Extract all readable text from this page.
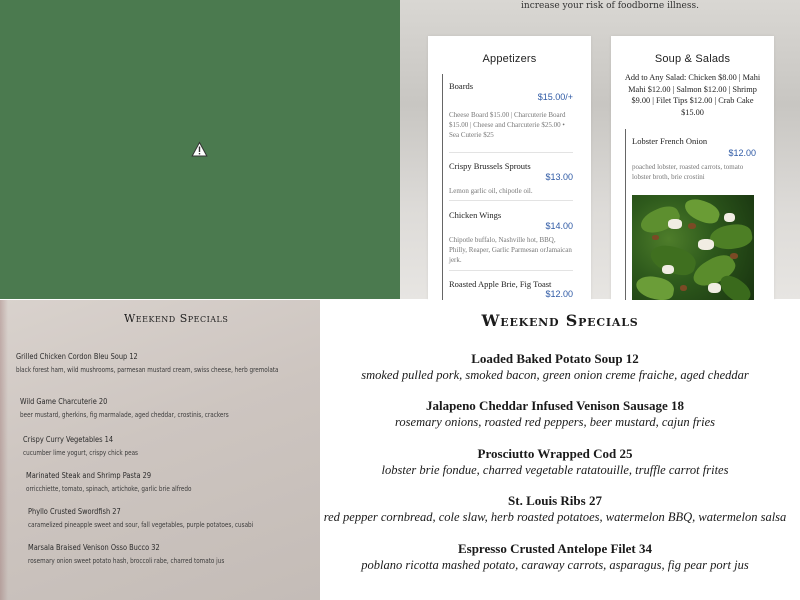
increase your risk of foodborne illness.
Appetizers
Boards
$15.00/+
Cheese Board $15.00 | Charcuterie Board $15.00 | Cheese and Charcuterie $25.00 • Sea Cuterie $25
Crispy Brussels Sprouts
$13.00
Lemon garlic oil, chipotle oil.
Chicken Wings
$14.00
Chipotle buffalo, Nashville hot, BBQ, Philly, Reaper, Garlic Parmesan orJamaican jerk.
Roasted Apple Brie, Fig Toast
$12.00
Soup & Salads
Add to Any Salad: Chicken $8.00 | Mahi Mahi $12.00 | Salmon $12.00 | Shrimp $9.00 | Filet Tips $12.00 | Crab Cake $15.00
Lobster French Onion
$12.00
poached lobster, roasted carrots, tomato lobster broth, brie crostini
Weekend Specials
Grilled Chicken Cordon Bleu Soup 12
black forest ham, wild mushrooms, parmesan mustard cream, swiss cheese, herb gremolata
Wild Game Charcuterie 20
beer mustard, gherkins, fig marmalade, aged cheddar, crostinis, crackers
Crispy Curry Vegetables 14
cucumber lime yogurt, crispy chick peas
Marinated Steak and Shrimp Pasta 29
orricchiette, tomato, spinach, artichoke, garlic brie alfredo
Phyllo Crusted Swordfish 27
caramelized pineapple sweet and sour, fall vegetables, purple potatoes, cusabi
Marsala Braised Venison Osso Bucco 32
rosemary onion sweet potato hash, broccoli rabe, charred tomato jus
Weekend Specials
Loaded Baked Potato Soup 12
smoked pulled pork, smoked bacon, green onion creme fraiche, aged cheddar
Jalapeno Cheddar Infused Venison Sausage 18
rosemary onions, roasted red peppers, beer mustard, cajun fries
Prosciutto Wrapped Cod 25
lobster brie fondue, charred vegetable ratatouille, truffle carrot frites
St. Louis Ribs 27
red pepper cornbread, cole slaw, herb roasted potatoes, watermelon BBQ, watermelon salsa
Espresso Crusted Antelope Filet 34
poblano ricotta mashed potato, caraway carrots, asparagus, fig pear port jus
